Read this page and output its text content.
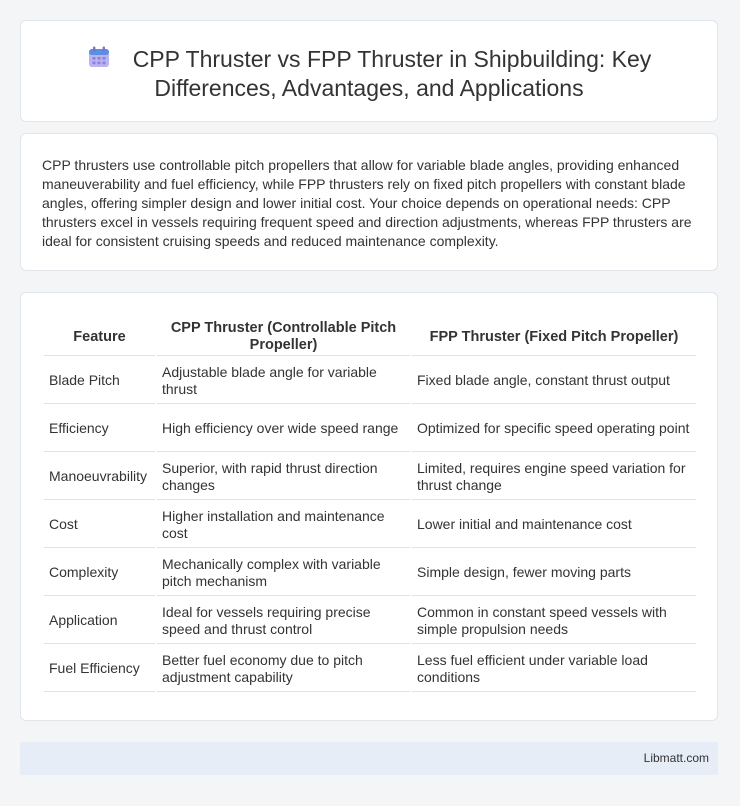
CPP Thruster vs FPP Thruster in Shipbuilding: Key
Differences, Advantages, and Applications
CPP thrusters use controllable pitch propellers that allow for variable blade angles, providing enhanced maneuverability and fuel efficiency, while FPP thrusters rely on fixed pitch propellers with constant blade angles, offering simpler design and lower initial cost. Your choice depends on operational needs: CPP thrusters excel in vessels requiring frequent speed and direction adjustments, whereas FPP thrusters are ideal for consistent cruising speeds and reduced maintenance complexity.
Feature	CPP Thruster (Controllable Pitch Propeller)	FPP Thruster (Fixed Pitch Propeller)
Blade Pitch	Adjustable blade angle for variable thrust	Fixed blade angle, constant thrust output
Efficiency	High efficiency over wide speed range	Optimized for specific speed operating point
Manoeuvrability	Superior, with rapid thrust direction changes	Limited, requires engine speed variation for thrust change
Cost	Higher installation and maintenance cost	Lower initial and maintenance cost
Complexity	Mechanically complex with variable pitch mechanism	Simple design, fewer moving parts
Application	Ideal for vessels requiring precise speed and thrust control	Common in constant speed vessels with simple propulsion needs
Fuel Efficiency	Better fuel economy due to pitch adjustment capability	Less fuel efficient under variable load conditions
Libmatt.com
